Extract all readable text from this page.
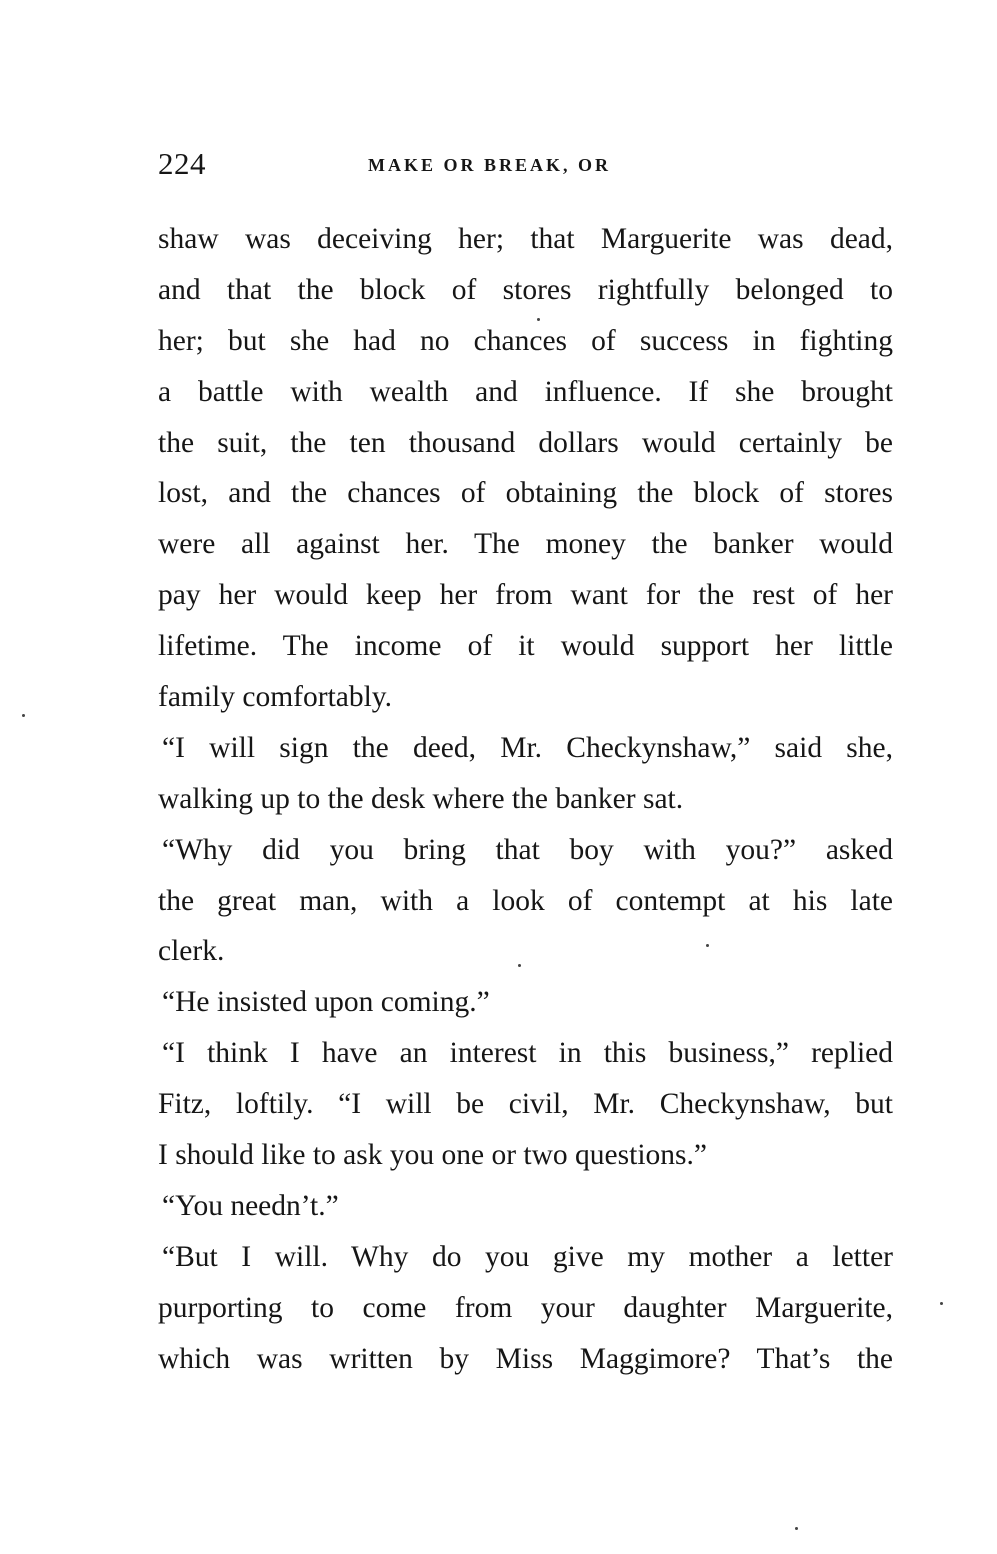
224	MAKE OR BREAK, OR
shaw was deceiving her; that Marguerite was dead,
and that the block of stores rightfully belonged to
her; but she had no chances of success in fighting
a battle with wealth and influence. If she brought
the suit, the ten thousand dollars would certainly be
lost, and the chances of obtaining the block of stores
were all against her. The money the banker would
pay her would keep her from want for the rest of her
lifetime. The income of it would support her little
family comfortably.
“I will sign the deed, Mr. Checkynshaw,” said she,
walking up to the desk where the banker sat.
“Why did you bring that boy with you?” asked
the great man, with a look of contempt at his late
clerk.
“He insisted upon coming.”
“I think I have an interest in this business,” replied
Fitz, loftily. “I will be civil, Mr. Checkynshaw, but
I should like to ask you one or two questions.”
“You needn’t.”
“But I will. Why do you give my mother a letter
purporting to come from your daughter Marguerite,
which was written by Miss Maggimore? That’s the
